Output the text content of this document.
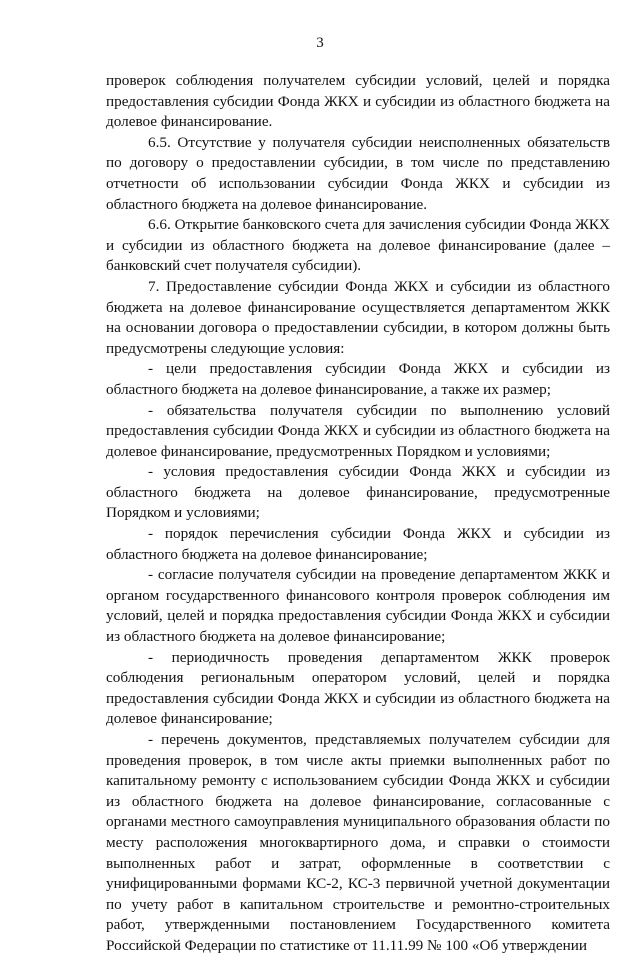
3

проверок соблюдения получателем субсидии условий, целей и порядка предоставления субсидии Фонда ЖКХ и субсидии из областного бюджета на долевое финансирование.

6.5. Отсутствие у получателя субсидии неисполненных обязательств по договору о предоставлении субсидии, в том числе по представлению отчетности об использовании субсидии Фонда ЖКХ и субсидии из областного бюджета на долевое финансирование.

6.6. Открытие банковского счета для зачисления субсидии Фонда ЖКХ и субсидии из областного бюджета на долевое финансирование (далее – банковский счет получателя субсидии).

7. Предоставление субсидии Фонда ЖКХ и субсидии из областного бюджета на долевое финансирование осуществляется департаментом ЖКК на основании договора о предоставлении субсидии, в котором должны быть предусмотрены следующие условия:

- цели предоставления субсидии Фонда ЖКХ и субсидии из областного бюджета на долевое финансирование, а также их размер;

- обязательства получателя субсидии по выполнению условий предоставления субсидии Фонда ЖКХ и субсидии из областного бюджета на долевое финансирование, предусмотренных Порядком и условиями;

- условия предоставления субсидии Фонда ЖКХ и субсидии из областного бюджета на долевое финансирование, предусмотренные Порядком и условиями;

- порядок перечисления субсидии Фонда ЖКХ и субсидии из областного бюджета на долевое финансирование;

- согласие получателя субсидии на проведение департаментом ЖКК и органом государственного финансового контроля проверок соблюдения им условий, целей и порядка предоставления субсидии Фонда ЖКХ и субсидии из областного бюджета на долевое финансирование;

- периодичность проведения департаментом ЖКК проверок соблюдения региональным оператором условий, целей и порядка предоставления субсидии Фонда ЖКХ и субсидии из областного бюджета на долевое финансирование;

- перечень документов, представляемых получателем субсидии для проведения проверок, в том числе акты приемки выполненных работ по капитальному ремонту с использованием субсидии Фонда ЖКХ и субсидии из областного бюджета на долевое финансирование, согласованные с органами местного самоуправления муниципального образования области по месту расположения многоквартирного дома, и справки о стоимости выполненных работ и затрат, оформленные в соответствии с унифицированными формами КС-2, КС-3 первичной учетной документации по учету работ в капитальном строительстве и ремонтно-строительных работ, утвержденными постановлением Государственного комитета Российской Федерации по статистике от 11.11.99 № 100 «Об утверждении
